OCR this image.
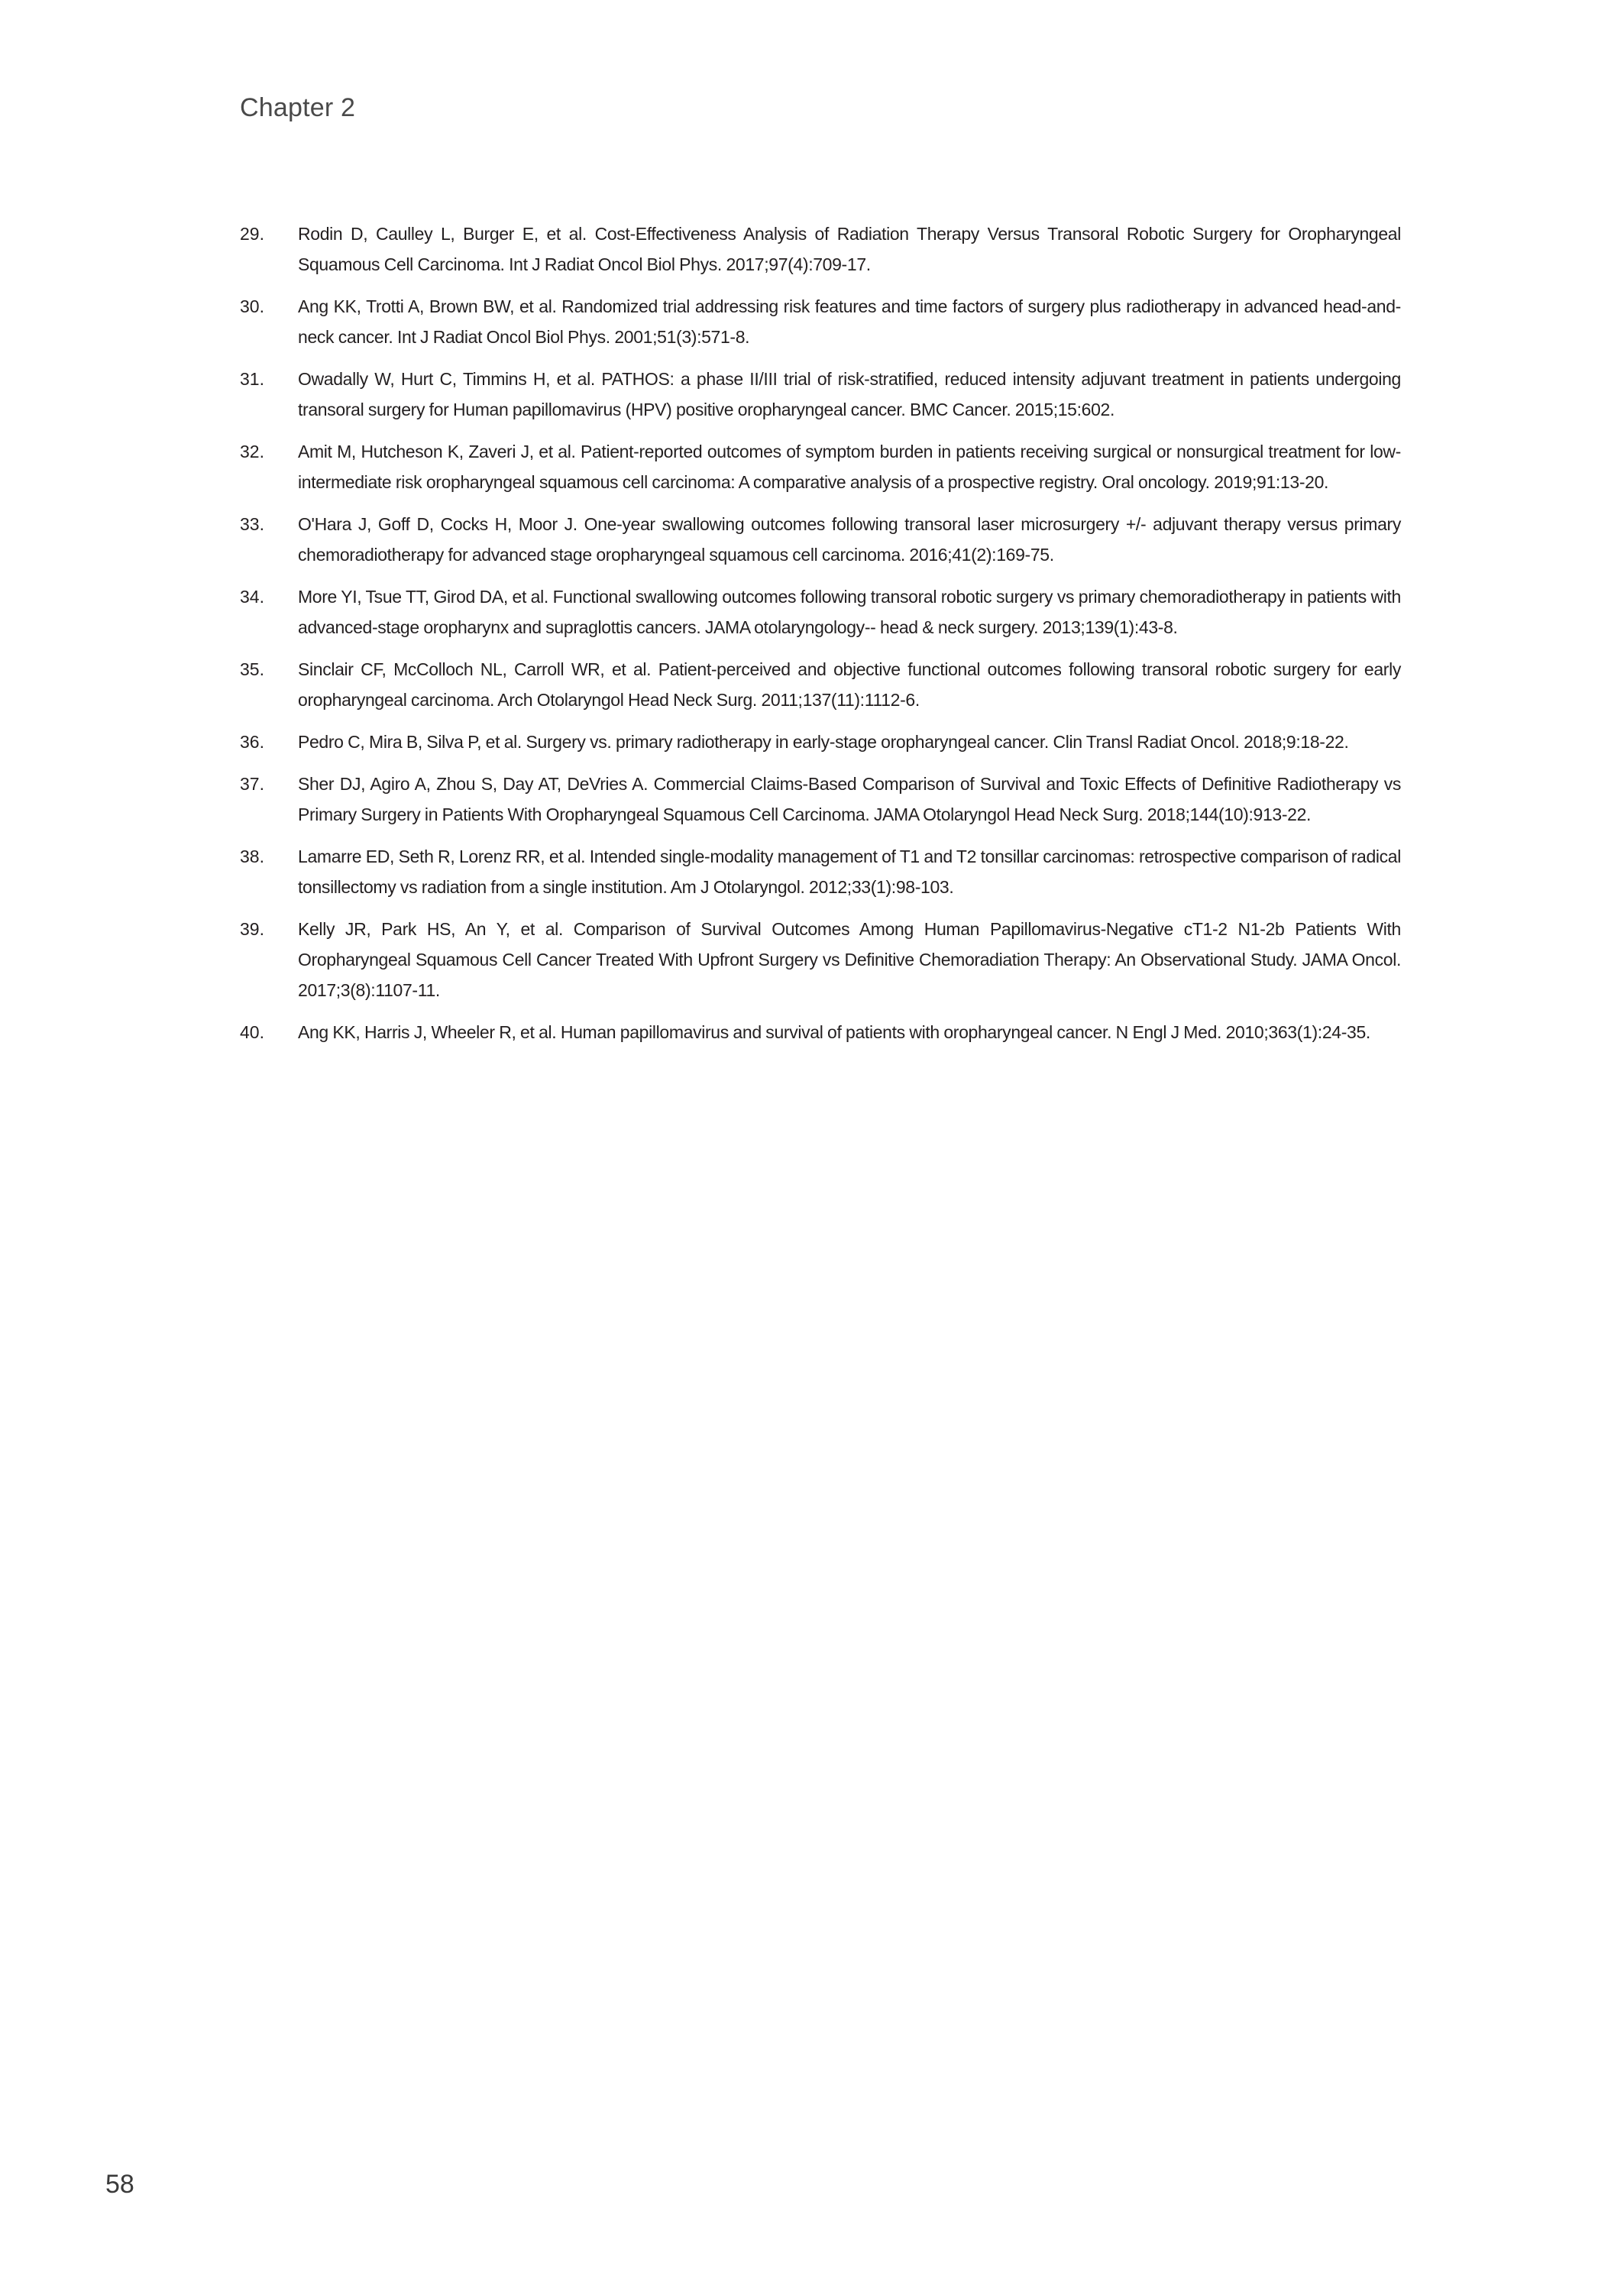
Chapter 2
29.	Rodin D, Caulley L, Burger E, et al. Cost-Effectiveness Analysis of Radiation Therapy Versus Transoral Robotic Surgery for Oropharyngeal Squamous Cell Carcinoma. Int J Radiat Oncol Biol Phys. 2017;97(4):709-17.
30.	Ang KK, Trotti A, Brown BW, et al. Randomized trial addressing risk features and time factors of surgery plus radiotherapy in advanced head-and-neck cancer. Int J Radiat Oncol Biol Phys. 2001;51(3):571-8.
31.	Owadally W, Hurt C, Timmins H, et al. PATHOS: a phase II/III trial of risk-stratified, reduced intensity adjuvant treatment in patients undergoing transoral surgery for Human papillomavirus (HPV) positive oropharyngeal cancer. BMC Cancer. 2015;15:602.
32.	Amit M, Hutcheson K, Zaveri J, et al. Patient-reported outcomes of symptom burden in patients receiving surgical or nonsurgical treatment for low-intermediate risk oropharyngeal squamous cell carcinoma: A comparative analysis of a prospective registry. Oral oncology. 2019;91:13-20.
33.	O'Hara J, Goff D, Cocks H, Moor J. One-year swallowing outcomes following transoral laser microsurgery +/- adjuvant therapy versus primary chemoradiotherapy for advanced stage oropharyngeal squamous cell carcinoma. 2016;41(2):169-75.
34.	More YI, Tsue TT, Girod DA, et al. Functional swallowing outcomes following transoral robotic surgery vs primary chemoradiotherapy in patients with advanced-stage oropharynx and supraglottis cancers. JAMA otolaryngology-- head & neck surgery. 2013;139(1):43-8.
35.	Sinclair CF, McColloch NL, Carroll WR, et al. Patient-perceived and objective functional outcomes following transoral robotic surgery for early oropharyngeal carcinoma. Arch Otolaryngol Head Neck Surg. 2011;137(11):1112-6.
36.	Pedro C, Mira B, Silva P, et al. Surgery vs. primary radiotherapy in early-stage oropharyngeal cancer. Clin Transl Radiat Oncol. 2018;9:18-22.
37.	Sher DJ, Agiro A, Zhou S, Day AT, DeVries A. Commercial Claims-Based Comparison of Survival and Toxic Effects of Definitive Radiotherapy vs Primary Surgery in Patients With Oropharyngeal Squamous Cell Carcinoma. JAMA Otolaryngol Head Neck Surg. 2018;144(10):913-22.
38.	Lamarre ED, Seth R, Lorenz RR, et al. Intended single-modality management of T1 and T2 tonsillar carcinomas: retrospective comparison of radical tonsillectomy vs radiation from a single institution. Am J Otolaryngol. 2012;33(1):98-103.
39.	Kelly JR, Park HS, An Y, et al. Comparison of Survival Outcomes Among Human Papillomavirus-Negative cT1-2 N1-2b Patients With Oropharyngeal Squamous Cell Cancer Treated With Upfront Surgery vs Definitive Chemoradiation Therapy: An Observational Study. JAMA Oncol. 2017;3(8):1107-11.
40.	Ang KK, Harris J, Wheeler R, et al. Human papillomavirus and survival of patients with oropharyngeal cancer. N Engl J Med. 2010;363(1):24-35.
58
